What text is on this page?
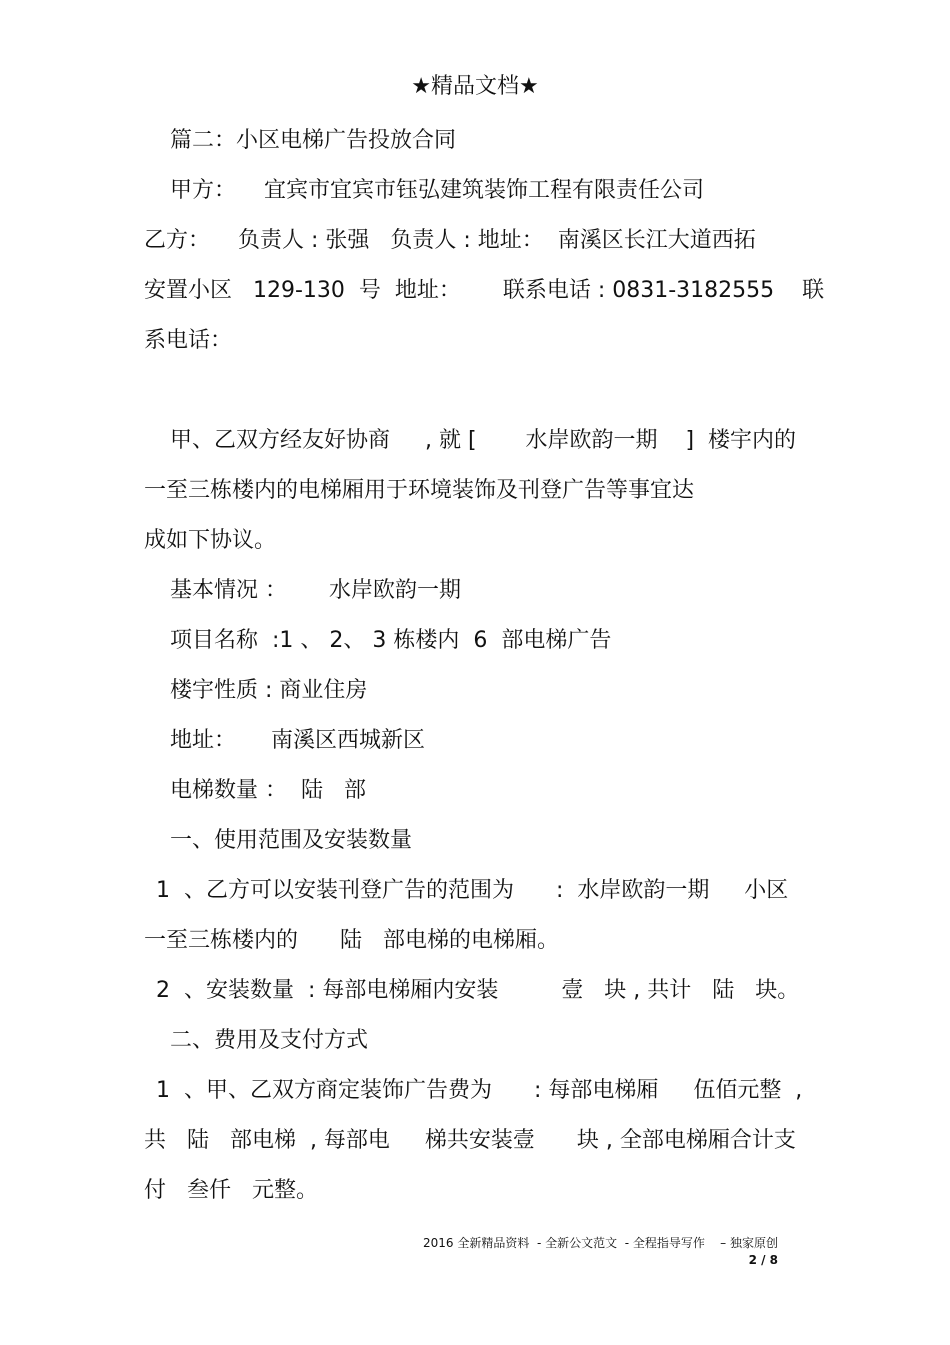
★精品文档★

篇二：小区电梯广告投放合同

甲方：    宜宾市宜宾市钰弘建筑装饰工程有限责任公司

乙方：    负责人 : 张强   负责人 : 地址：  南溪区长江大道西拓

安置小区   129-130  号  地址：      联系电话 : 0831-3182555    联

系电话：

甲、乙双方经友好协商     , 就 [       水岸欧韵一期    ]  楼宇内的

一至三栋楼内的电梯厢用于环境装饰及刊登广告等事宜达

成如下协议。

基本情况 ：      水岸欧韵一期

项目名称  :1 、 2、 3 栋楼内  6  部电梯广告

楼宇性质 : 商业住房

地址：     南溪区西城新区

电梯数量 ：  陆   部

一、使用范围及安装数量

1  、乙方可以安装刊登广告的范围为      :  水岸欧韵一期     小区

一至三栋楼内的      陆   部电梯的电梯厢。

2  、安装数量  : 每部电梯厢内安装         壹   块 , 共计   陆   块。

二、费用及支付方式

1  、甲、乙双方商定装饰广告费为      : 每部电梯厢     伍佰元整  ,

共   陆   部电梯  , 每部电     梯共安装壹      块 , 全部电梯厢合计支

付   叁仟   元整。

2016 全新精品资料  - 全新公文范文  - 全程指导写作    – 独家原创
2 / 8
